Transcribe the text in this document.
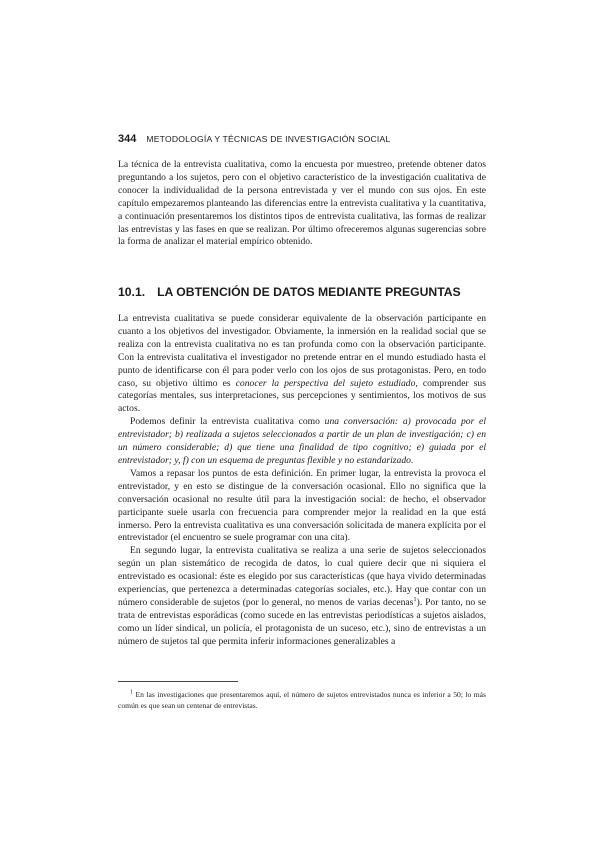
344 METODOLOGÍA Y TÉCNICAS DE INVESTIGACIÓN SOCIAL

La técnica de la entrevista cualitativa, como la encuesta por muestreo, pretende obtener datos preguntando a los sujetos, pero con el objetivo característico de la investigación cualitativa de conocer la individualidad de la persona entrevistada y ver el mundo con sus ojos. En este capítulo empezaremos planteando las diferencias entre la entrevista cualitativa y la cuantitativa, a continuación presentaremos los distintos tipos de entrevista cualitativa, las formas de realizar las entrevistas y las fases en que se realizan. Por último ofreceremos algunas sugerencias sobre la forma de analizar el material empírico obtenido.

10.1. LA OBTENCIÓN DE DATOS MEDIANTE PREGUNTAS

La entrevista cualitativa se puede considerar equivalente de la observación participante en cuanto a los objetivos del investigador. Obviamente, la inmersión en la realidad social que se realiza con la entrevista cualitativa no es tan profunda como con la observación participante. Con la entrevista cualitativa el investigador no pretende entrar en el mundo estudiado hasta el punto de identificarse con él para poder verlo con los ojos de sus protagonistas. Pero, en todo caso, su objetivo último es conocer la perspectiva del sujeto estudiado, comprender sus categorías mentales, sus interpretaciones, sus percepciones y sentimientos, los motivos de sus actos.

Podemos definir la entrevista cualitativa como una conversación: a) provocada por el entrevistador; b) realizada a sujetos seleccionados a partir de un plan de investigación; c) en un número considerable; d) que tiene una finalidad de tipo cognitivo; e) guiada por el entrevistador; y, f) con un esquema de preguntas flexible y no estandarizado.

Vamos a repasar los puntos de esta definición. En primer lugar, la entrevista la provoca el entrevistador, y en esto se distingue de la conversación ocasional. Ello no significa que la conversación ocasional no resulte útil para la investigación social: de hecho, el observador participante suele usarla con frecuencia para comprender mejor la realidad en la que está inmerso. Pero la entrevista cualitativa es una conversación solicitada de manera explícita por el entrevistador (el encuentro se suele programar con una cita).

En segundo lugar, la entrevista cualitativa se realiza a una serie de sujetos seleccionados según un plan sistemático de recogida de datos, lo cual quiere decir que ni siquiera el entrevistado es ocasional: éste es elegido por sus características (que haya vivido determinadas experiencias, que pertenezca a determinadas categorías sociales, etc.). Hay que contar con un número considerable de sujetos (por lo general, no menos de varias decenas$^1$). Por tanto, no se trata de entrevistas esporádicas (como sucede en las entrevistas periodísticas a sujetos aislados, como un líder sindical, un policía, el protagonista de un suceso, etc.), sino de entrevistas a un número de sujetos tal que permita inferir informaciones generalizables a

$^1$ En las investigaciones que presentaremos aquí, el número de sujetos entrevistados nunca es inferior a 50; lo más común es que sean un centenar de entrevistas.
